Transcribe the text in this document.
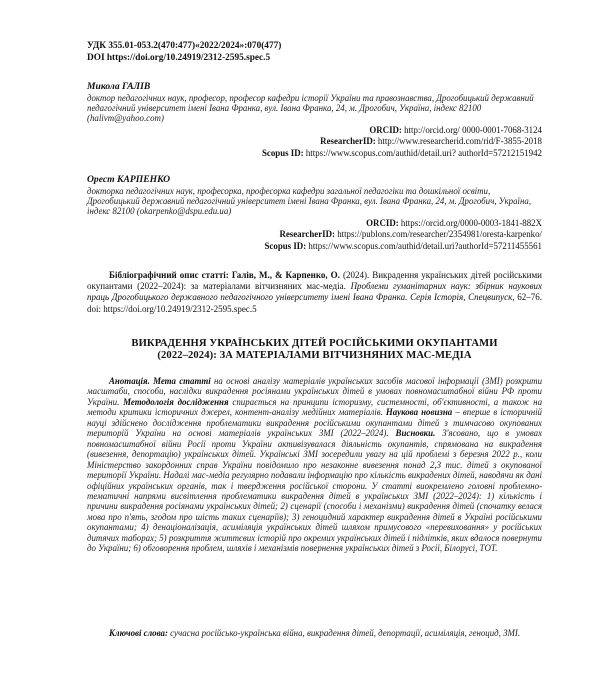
УДК 355.01-053.2(470:477)«2022/2024»:070(477)
DOI https://doi.org/10.24919/2312-2595.spec.5
Микола ГАЛІВ
доктор педагогічних наук, професор, професор кафедри історії України та правознавства, Дрогобицький державний педагогічний університет імені Івана Франка, вул. Івана Франка, 24, м. Дрогобич, Україна, індекс 82100 (halivm@yahoo.com)
ORCID: http://orcid.org/ 0000-0001-7068-3124
ResearcherID: http://www.researcherid.com/rid/F-3855-2018
Scopus ID: https://www.scopus.com/authid/detail.uri? authorId=57212151942
Орест КАРПЕНКО
докторка педагогічних наук, професорка, професорка кафедри загальної педагогіки та дошкільної освіти, Дрогобицький державний педагогічний університет імені Івана Франка, вул. Івана Франка, 24, м. Дрогобич, Україна, індекс 82100 (okarpenko@dspu.edu.ua)
ORCID: https://orcid.org/0000-0003-1841-882X
ResearcherID: https://publons.com/researcher/2354981/oresta-karpenko/
Scopus ID: https://www.scopus.com/authid/detail.uri?authorId=57211455561
Бібліографічний опис статті: Галів, М., & Карпенко, О. (2024). Викрадення українських дітей російськими окупантами (2022–2024): за матеріалами вітчизняних мас-медіа. Проблеми гуманітарних наук: збірник наукових праць Дрогобицького державного педагогічного університету імені Івана Франка. Серія Історія, Спецвипуск, 62–76. doi: https://doi.org/10.24919/2312-2595.spec.5
ВИКРАДЕННЯ УКРАЇНСЬКИХ ДІТЕЙ РОСІЙСЬКИМИ ОКУПАНТАМИ
(2022–2024): ЗА МАТЕРІАЛАМИ ВІТЧИЗНЯНИХ МАС-МЕДІА
Анотація. Мета статті на основі аналізу матеріалів українських засобів масової інформації (ЗМІ) розкрити масштаби, способи, наслідки викрадення росіянами українських дітей в умовах повномасштабної війни РФ проти України. Методологія дослідження спирається на принципи історизму, системності, об'єктивності, а також на методи критики історичних джерел, контент-аналізу медійних матеріалів. Наукова новизна – вперше в історичній науці здійснено дослідження проблематики викрадення російськими окупантами дітей з тимчасово окупованих територій України на основі матеріалів українських ЗМІ (2022–2024). Висновки. З'ясовано, що в умовах повномасштабної війни Росії проти України активізувалася діяльність окупантів, спрямована на викрадення (вивезення, депортацію) українських дітей. Українські ЗМІ зосередили увагу на цій проблемі з березня 2022 р., коли Міністерство закордонних справ України повідомило про незаконне вивезення понад 2,3 тис. дітей з окупованої території України. Надалі мас-медіа регулярно подавали інформацію про кількість викрадених дітей, наводячи як дані офіційних українських органів, так і твердження російської сторони. У статті виокремлено головні проблемно-тематичні напрями висвітлення проблематики викрадення дітей в українських ЗМІ (2022–2024): 1) кількість і причини викрадення росіянами українських дітей; 2) сценарії (способи і механізми) викрадення дітей (спочатку велася мова про п'ять, згодом про шість таких сценаріїв); 3) геноцидний характер викрадення дітей в Україні російськими окупантами; 4) денаціоналізація, асиміляція українських дітей шляхом примусового «перевиховання» у російських дитячих таборах; 5) розкриття життєвих історій про окремих українських дітей і підлітків, яких вдалося повернути до України; 6) обговорення проблем, шляхів і механізмів повернення українських дітей з Росії, Білорусі, ТОТ.
Ключові слова: сучасна російсько-українська війна, викрадення дітей, депортації, асиміляція, геноцид, ЗМІ.
